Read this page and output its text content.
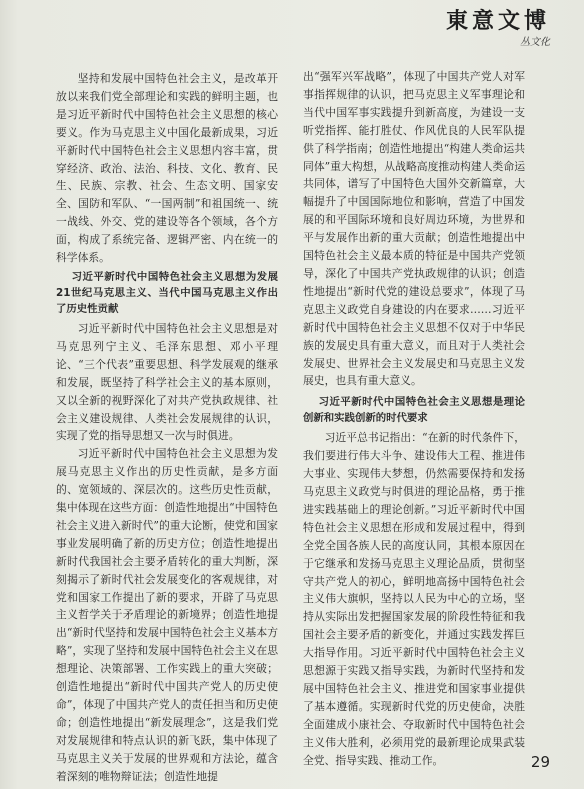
東意文博
丛文化

坚持和发展中国特色社会主义，是改革开放以来我们党全部理论和实践的鲜明主题，也是习近平新时代中国特色社会主义思想的核心要义。作为马克思主义中国化最新成果，习近平新时代中国特色社会主义思想内容丰富，贯穿经济、政治、法治、科技、文化、教育、民生、民族、宗教、社会、生态文明、国家安全、国防和军队、“一国两制”和祖国统一、统一战线、外交、党的建设等各个领域，各个方面，构成了系统完备、逻辑严密、内在统一的科学体系。

习近平新时代中国特色社会主义思想为发展21世纪马克思主义、当代中国马克思主义作出了历史性贡献

习近平新时代中国特色社会主义思想是对马克思列宁主义、毛泽东思想、邓小平理论、“三个代表”重要思想、科学发展观的继承和发展，既坚持了科学社会主义的基本原则，又以全新的视野深化了对共产党执政规律、社会主义建设规律、人类社会发展规律的认识，实现了党的指导思想又一次与时俱进。

习近平新时代中国特色社会主义思想为发展马克思主义作出的历史性贡献，是多方面的、宽领域的、深层次的。这些历史性贡献，集中体现在这些方面：创造性地提出“中国特色社会主义进入新时代”的重大论断，使党和国家事业发展明确了新的历史方位；创造性地提出新时代我国社会主要矛盾转化的重大判断，深刻揭示了新时代社会发展变化的客观规律，对党和国家工作提出了新的要求，开辟了马克思主义哲学关于矛盾理论的新境界；创造性地提出“新时代坚持和发展中国特色社会主义基本方略”，实现了坚持和发展中国特色社会主义在思想理论、决策部署、工作实践上的重大突破；创造性地提出“新时代中国共产党人的历史使命”，体现了中国共产党人的责任担当和历史使命；创造性地提出“新发展理念”，这是我们党对发展规律和特点认识的新飞跃，集中体现了马克思主义关于发展的世界观和方法论，蕴含着深刻的唯物辩证法；创造性地提

出“强军兴军战略”，体现了中国共产党人对军事指挥规律的认识，把马克思主义军事理论和当代中国军事实践提升到新高度，为建设一支听党指挥、能打胜仗、作风优良的人民军队提供了科学指南；创造性地提出“构建人类命运共同体”重大构想，从战略高度推动构建人类命运共同体，谱写了中国特色大国外交新篇章，大幅提升了中国国际地位和影响，营造了中国发展的和平国际环境和良好周边环境，为世界和平与发展作出新的重大贡献；创造性地提出中国特色社会主义最本质的特征是中国共产党领导，深化了中国共产党执政规律的认识；创造性地提出“新时代党的建设总要求”，体现了马克思主义政党自身建设的内在要求……习近平新时代中国特色社会主义思想不仅对于中华民族的发展史具有重大意义，而且对于人类社会发展史、世界社会主义发展史和马克思主义发展史，也具有重大意义。

习近平新时代中国特色社会主义思想是理论创新和实践创新的时代要求

习近平总书记指出：“在新的时代条件下，我们要进行伟大斗争、建设伟大工程、推进伟大事业、实现伟大梦想，仍然需要保持和发扬马克思主义政党与时俱进的理论品格，勇于推进实践基础上的理论创新。”习近平新时代中国特色社会主义思想在形成和发展过程中，得到全党全国各族人民的高度认同，其根本原因在于它继承和发扬马克思主义理论品质，贯彻坚守共产党人的初心，鲜明地高扬中国特色社会主义伟大旗帜，坚持以人民为中心的立场，坚持从实际出发把握国家发展的阶段性特征和我国社会主要矛盾的新变化，并通过实践发挥巨大指导作用。习近平新时代中国特色社会主义思想源于实践又指导实践，为新时代坚持和发展中国特色社会主义、推进党和国家事业提供了基本遵循。实现新时代党的历史使命，决胜全面建成小康社会、夺取新时代中国特色社会主义伟大胜利，必须用党的最新理论成果武装全党、指导实践、推动工作。	29
